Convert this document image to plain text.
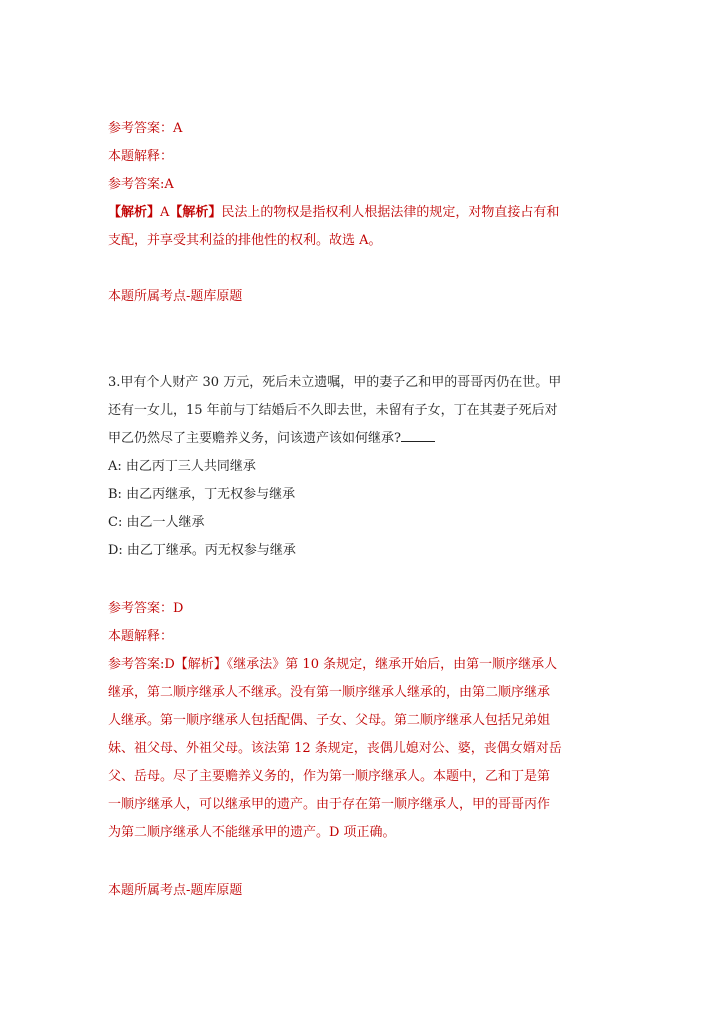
参考答案：A
本题解释：
参考答案:A
【解析】A【解析】民法上的物权是指权利人根据法律的规定，对物直接占有和
支配，并享受其利益的排他性的权利。故选 A。
本题所属考点-题库原题
3.甲有个人财产 30 万元，死后未立遗嘱，甲的妻子乙和甲的哥哥丙仍在世。甲
还有一女儿，15 年前与丁结婚后不久即去世，未留有子女，丁在其妻子死后对
甲乙仍然尽了主要赡养义务，问该遗产该如何继承?
A: 由乙丙丁三人共同继承
B: 由乙丙继承，丁无权参与继承
C: 由乙一人继承
D: 由乙丁继承。丙无权参与继承
参考答案：D
本题解释：
参考答案:D【解析】《继承法》第 10 条规定，继承开始后，由第一顺序继承人
继承，第二顺序继承人不继承。没有第一顺序继承人继承的，由第二顺序继承
人继承。第一顺序继承人包括配偶、子女、父母。第二顺序继承人包括兄弟姐
妹、祖父母、外祖父母。该法第 12 条规定，丧偶儿媳对公、婆，丧偶女婿对岳
父、岳母。尽了主要赡养义务的，作为第一顺序继承人。本题中，乙和丁是第
一顺序继承人，可以继承甲的遗产。由于存在第一顺序继承人，甲的哥哥丙作
为第二顺序继承人不能继承甲的遗产。D 项正确。
本题所属考点-题库原题
